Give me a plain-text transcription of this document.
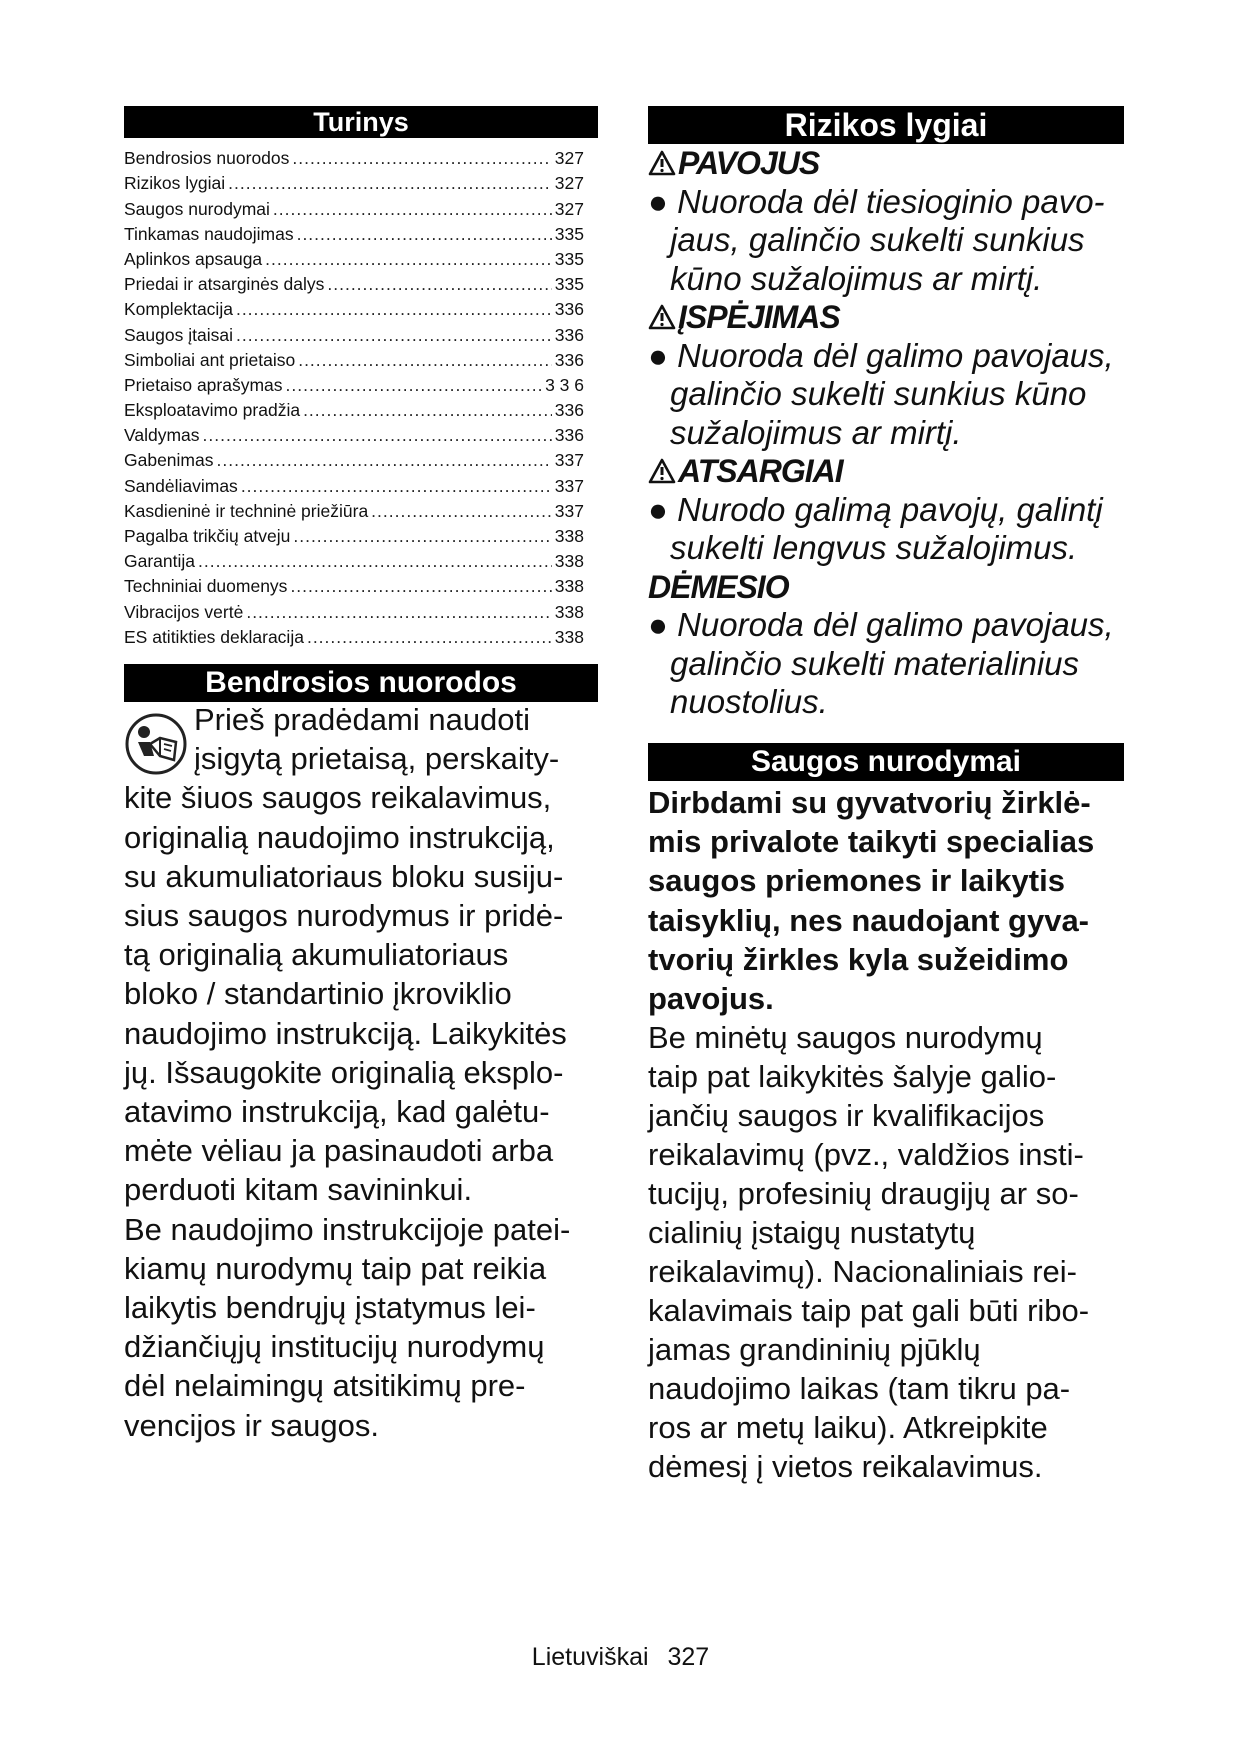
Turinys
Bendrosios nuorodos .....	327
Rizikos lygiai .....	327
Saugos nurodymai .....	327
Tinkamas naudojimas .....	335
Aplinkos apsauga .....	335
Priedai ir atsarginės dalys .....	335
Komplektacija .....	336
Saugos įtaisai .....	336
Simboliai ant prietaiso .....	336
Prietaiso aprašymas .....	3 3 6
Eksploatavimo pradžia .....	336
Valdymas .....	336
Gabenimas .....	337
Sandėliavimas .....	337
Kasdieninė ir techninė priežiūra .....	337
Pagalba trikčių atveju .....	338
Garantija .....	338
Techniniai duomenys .....	338
Vibracijos vertė .....	338
ES atitikties deklaracija .....	338
Bendrosios nuorodos
Prieš pradėdami naudoti
įsigytą prietaisą, perskaity-
kite šiuos saugos reikalavimus,
originalią naudojimo instrukciją,
su akumuliatoriaus bloku susiju-
sius saugos nurodymus ir pridė-
tą originalią akumuliatoriaus
bloko / standartinio įkroviklio
naudojimo instrukciją. Laikykitės
jų. Išsaugokite originalią eksplo-
atavimo instrukciją, kad galėtu-
mėte vėliau ja pasinaudoti arba
perduoti kitam savininkui.
Be naudojimo instrukcijoje patei-
kiamų nurodymų taip pat reikia
laikytis bendrųjų įstatymus lei-
džiančiųjų institucijų nurodymų
dėl nelaimingų atsitikimų pre-
vencijos ir saugos.
Rizikos lygiai
PAVOJUS
● Nuoroda dėl tiesioginio pavo-
jaus, galinčio sukelti sunkius
kūno sužalojimus ar mirtį.
ĮSPĖJIMAS
● Nuoroda dėl galimo pavojaus,
galinčio sukelti sunkius kūno
sužalojimus ar mirtį.
ATSARGIAI
● Nurodo galimą pavojų, galintį
sukelti lengvus sužalojimus.
DĖMESIO
● Nuoroda dėl galimo pavojaus,
galinčio sukelti materialinius
nuostolius.
Saugos nurodymai
Dirbdami su gyvatvorių žirklė-
mis privalote taikyti specialias
saugos priemones ir laikytis
taisyklių, nes naudojant gyva-
tvorių žirkles kyla sužeidimo
pavojus.
Be minėtų saugos nurodymų
taip pat laikykitės šalyje galio-
jančių saugos ir kvalifikacijos
reikalavimų (pvz., valdžios insti-
tucijų, profesinių draugijų ar so-
cialinių įstaigų nustatytų
reikalavimų). Nacionaliniais rei-
kalavimais taip pat gali būti ribo-
jamas grandininių pjūklų
naudojimo laikas (tam tikru pa-
ros ar metų laiku). Atkreipkite
dėmesį į vietos reikalavimus.
Lietuviškai 327
